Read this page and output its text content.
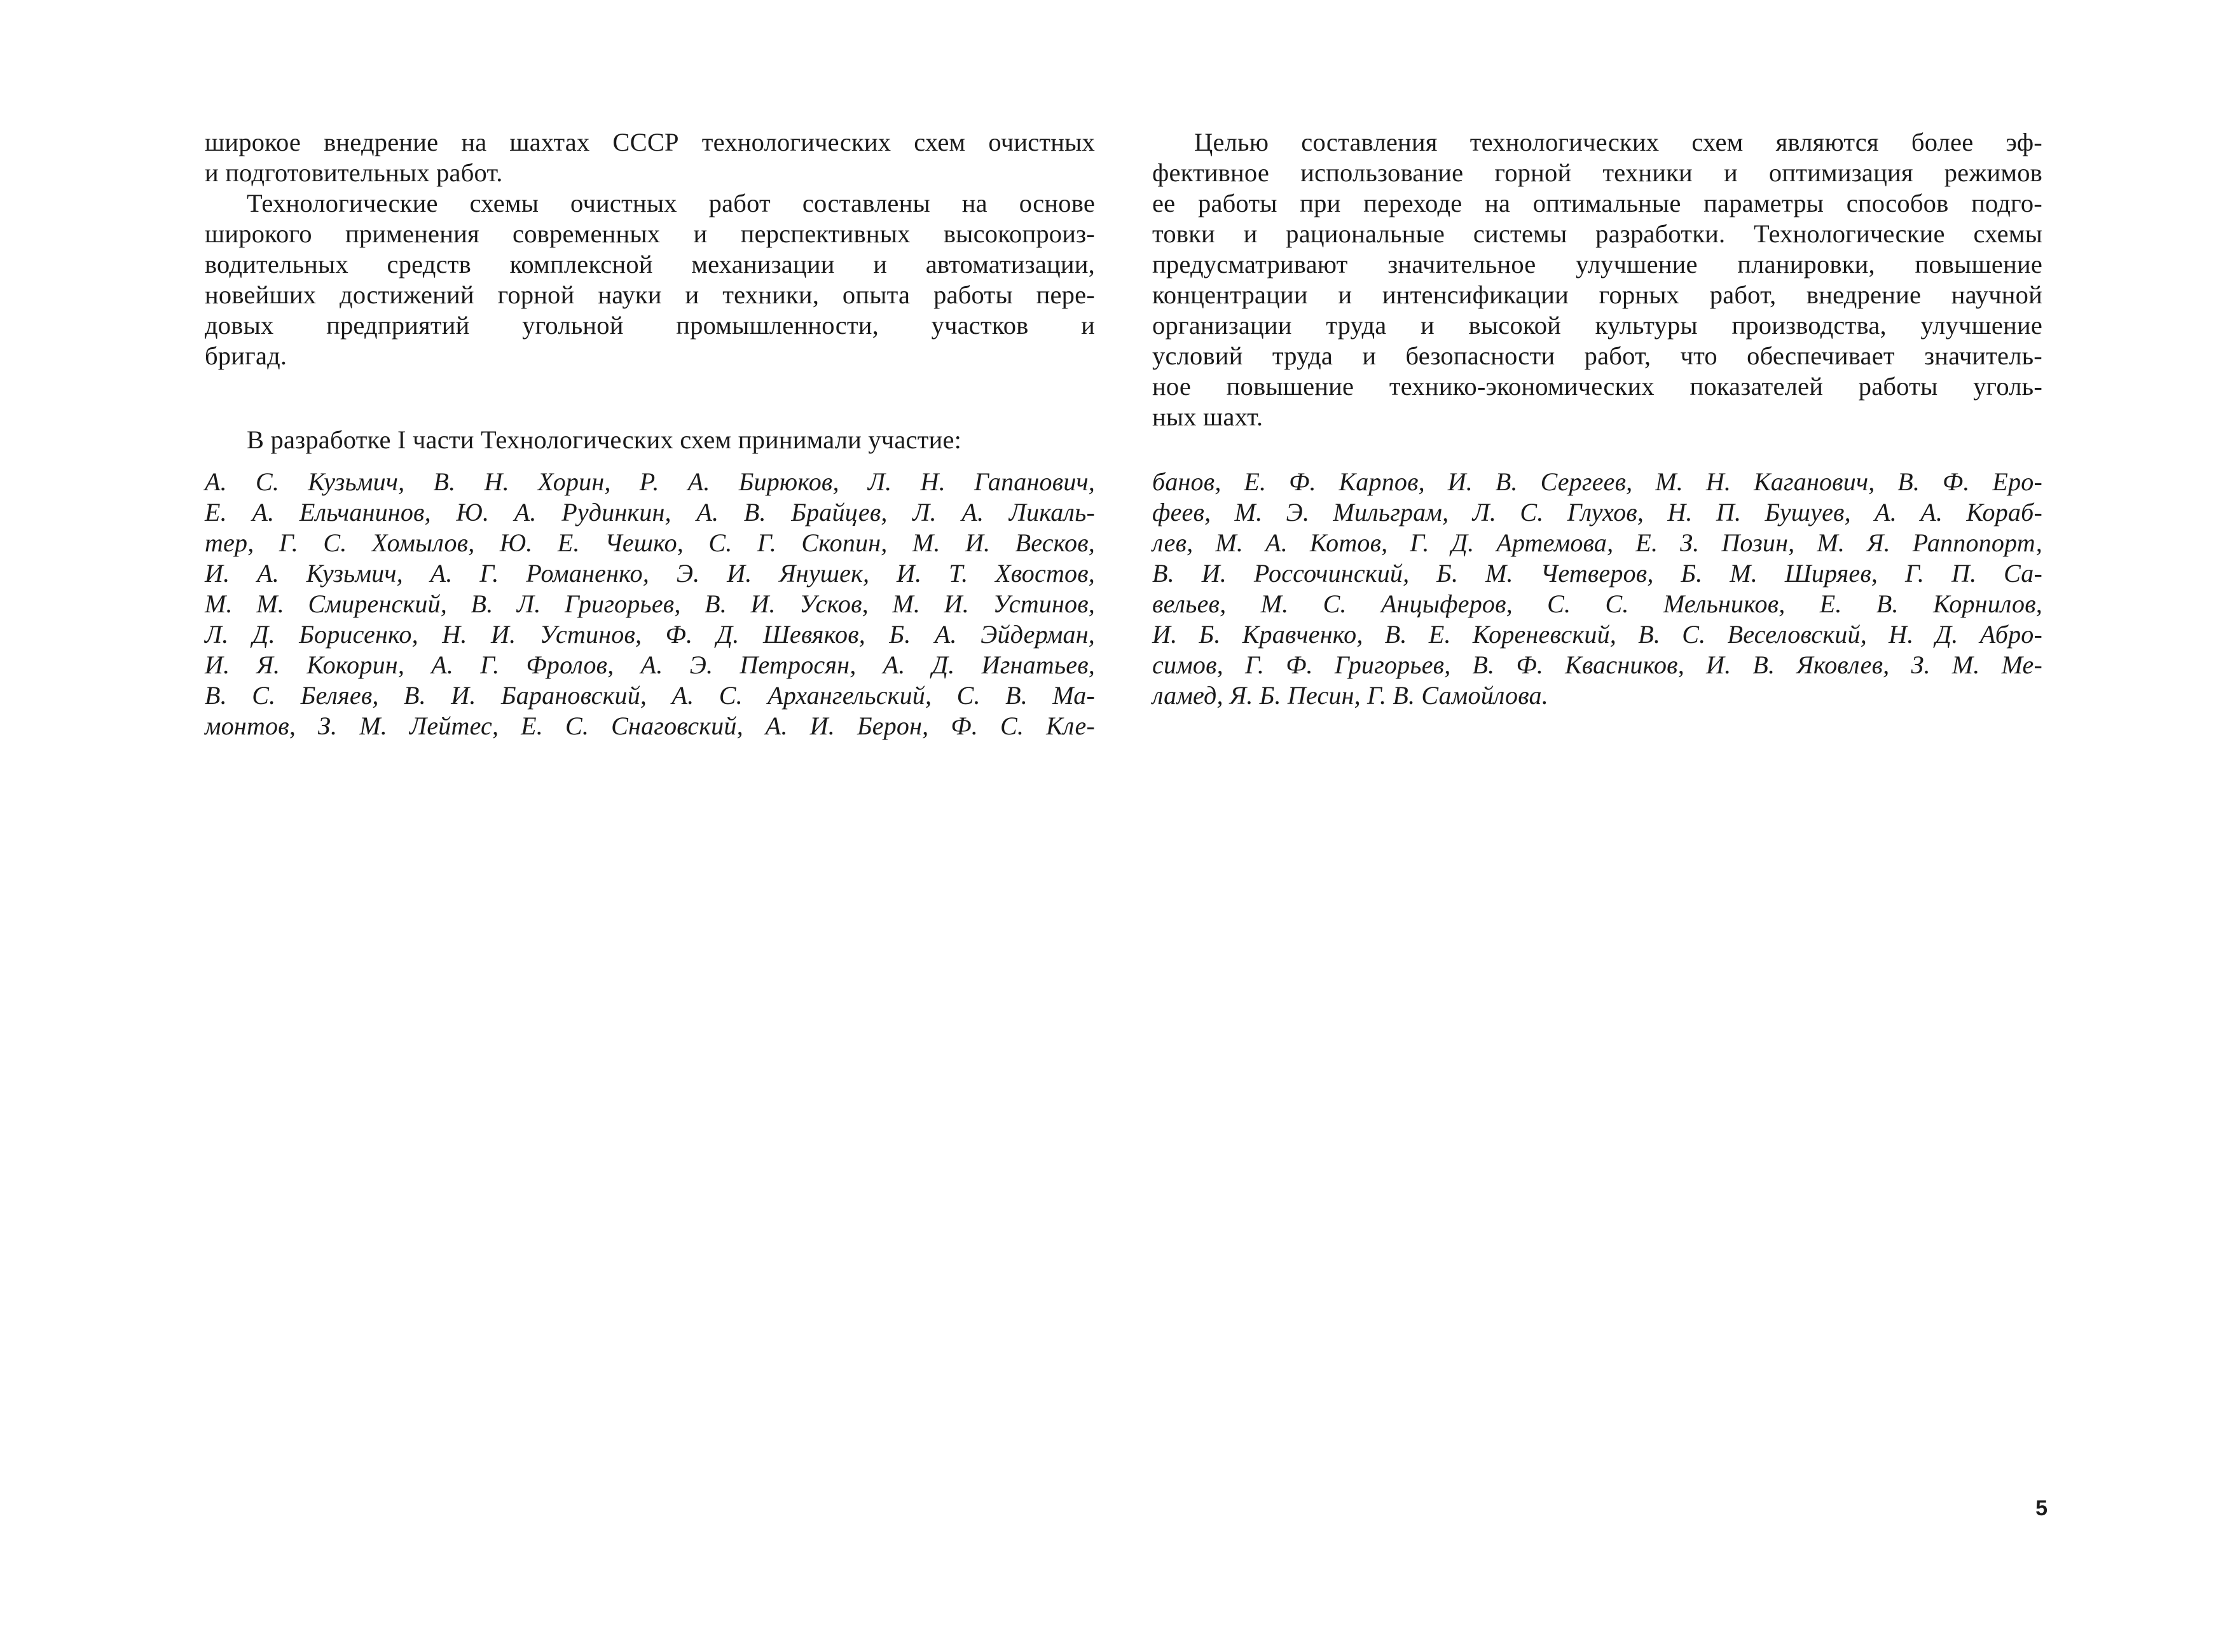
широкое внедрение на шахтах СССР технологических схем очистных
и подготовительных работ.
Технологические схемы очистных работ составлены на основе
широкого применения современных и перспективных высокопроиз-
водительных средств комплексной механизации и автоматизации,
новейших достижений горной науки и техники, опыта работы пере-
довых предприятий угольной промышленности, участков и
бригад.
Целью составления технологических схем являются более эф-
фективное использование горной техники и оптимизация режимов
ее работы при переходе на оптимальные параметры способов подго-
товки и рациональные системы разработки. Технологические схемы
предусматривают значительное улучшение планировки, повышение
концентрации и интенсификации горных работ, внедрение научной
организации труда и высокой культуры производства, улучшение
условий труда и безопасности работ, что обеспечивает значитель-
ное повышение технико-экономических показателей работы уголь-
ных шахт.
В разработке I части Технологических схем принимали участие:
А. С. Кузьмич, В. Н. Хорин, Р. А. Бирюков, Л. Н. Гапанович,
Е. А. Ельчанинов, Ю. А. Рудинкин, А. В. Брайцев, Л. А. Ликаль-
тер, Г. С. Хомылов, Ю. Е. Чешко, С. Г. Скопин, М. И. Весков,
И. А. Кузьмич, А. Г. Романенко, Э. И. Янушек, И. Т. Хвостов,
М. М. Смиренский, В. Л. Григорьев, В. И. Усков, М. И. Устинов,
Л. Д. Борисенко, Н. И. Устинов, Ф. Д. Шевяков, Б. А. Эйдерман,
И. Я. Кокорин, А. Г. Фролов, А. Э. Петросян, А. Д. Игнатьев,
В. С. Беляев, В. И. Барановский, А. С. Архангельский, С. В. Ма-
монтов, З. М. Лейтес, Е. С. Снаговский, А. И. Берон, Ф. С. Кле-
банов, Е. Ф. Карпов, И. В. Сергеев, М. Н. Каганович, В. Ф. Еро-
феев, М. Э. Мильграм, Л. С. Глухов, Н. П. Бушуев, А. А. Кораб-
лев, М. А. Котов, Г. Д. Артемова, Е. З. Позин, М. Я. Раппопорт,
В. И. Россочинский, Б. М. Четверов, Б. М. Ширяев, Г. П. Са-
вельев, М. С. Анцыферов, С. С. Мельников, Е. В. Корнилов,
И. Б. Кравченко, В. Е. Кореневский, В. С. Веселовский, Н. Д. Абро-
симов, Г. Ф. Григорьев, В. Ф. Квасников, И. В. Яковлев, З. М. Ме-
ламед, Я. Б. Песин, Г. В. Самойлова.
5
